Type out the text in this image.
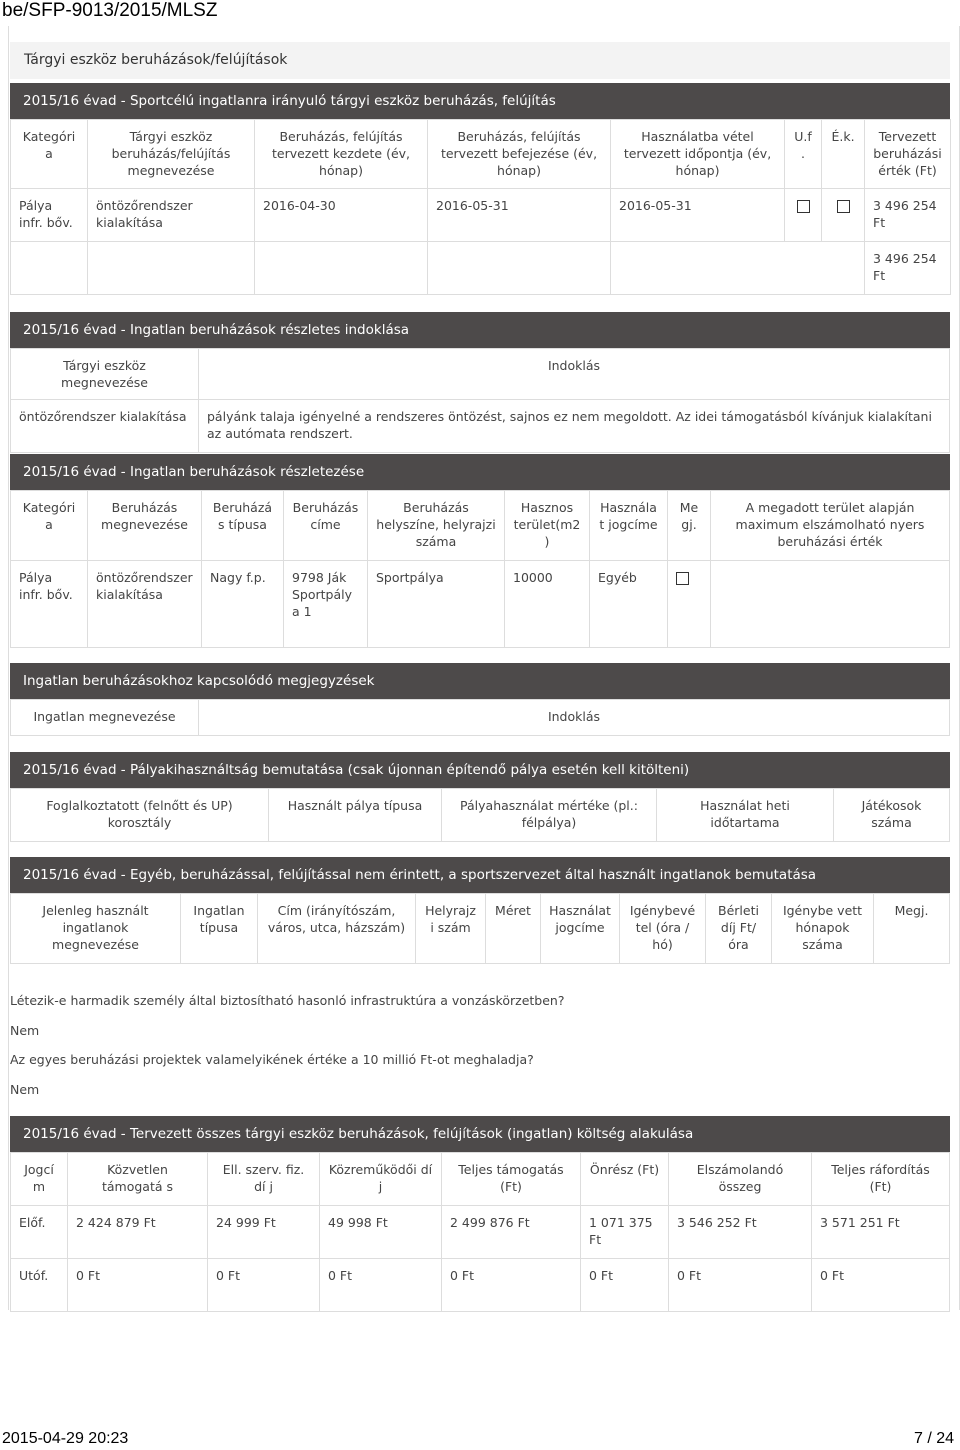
be/SFP-9013/2015/MLSZ
Tárgyi eszköz beruházások/felújítások
2015/16 évad - Sportcélú ingatlanra irányuló tárgyi eszköz beruházás, felújítás
Kategória	Tárgyi eszköz beruházás/felújítás megnevezése	Beruházás, felújítás tervezett kezdete (év, hónap)	Beruházás, felújítás tervezett befejezése (év, hónap)	Használatba vétel tervezett időpontja (év, hónap)	U.f.	É.k.	Tervezett beruházási érték (Ft)
Pálya infr. bőv.	öntözőrendszer kialakítása	2016-04-30	2016-05-31	2016-05-31			3 496 254 Ft
							3 496 254 Ft
2015/16 évad - Ingatlan beruházások részletes indoklása
Tárgyi eszköz megnevezése	Indoklás
öntözőrendszer kialakítása	pályánk talaja igényelné a rendszeres öntözést, sajnos ez nem megoldott. Az idei támogatásból kívánjuk kialakítani az autómata rendszert.
2015/16 évad - Ingatlan beruházások részletezése
Kategória	Beruházás megnevezése	Beruházás típusa	Beruházás címe	Beruházás helyszíne, helyrajzi száma	Hasznos terület(m2)	Használat jogcíme	Megj.	A megadott terület alapján maximum elszámolható nyers beruházási érték
Pálya infr. bőv.	öntözőrendszer kialakítása	Nagy f.p.	9798 Ják Sportpálya 1	Sportpálya	10000	Egyéb		
Ingatlan beruházásokhoz kapcsolódó megjegyzések
Ingatlan megnevezése	Indoklás
2015/16 évad - Pályakihasználtság bemutatása (csak újonnan építendő pálya esetén kell kitölteni)
Foglalkoztatott (felnőtt és UP) korosztály	Használt pálya típusa	Pályahasználat mértéke (pl.: félpálya)	Használat heti időtartama	Játékosok száma
2015/16 évad - Egyéb, beruházással, felújítással nem érintett, a sportszervezet által használt ingatlanok bemutatása
Jelenleg használt ingatlanok megnevezése	Ingatlan típusa	Cím (irányítószám, város, utca, házszám)	Helyrajzi szám	Méret	Használat jogcíme	Igénybevétel (óra / hó)	Bérleti díj Ft/óra	Igénybe vett hónapok száma	Megj.
Létezik-e harmadik személy által biztosítható hasonló infrastruktúra a vonzáskörzetben?
Nem
Az egyes beruházási projektek valamelyikének értéke a 10 millió Ft-ot meghaladja?
Nem
2015/16 évad - Tervezett összes tárgyi eszköz beruházások, felújítások (ingatlan) költség alakulása
Jogcí m	Közvetlen támogatá s	Ell. szerv. fiz. dí j	Közreműködői dí j	Teljes támogatás (Ft)	Önrész (Ft)	Elszámolandó összeg	Teljes ráfordítás (Ft)
Előf.	2 424 879 Ft	24 999 Ft	49 998 Ft	2 499 876 Ft	1 071 375 Ft	3 546 252 Ft	3 571 251 Ft
Utóf.	0 Ft	0 Ft	0 Ft	0 Ft	0 Ft	0 Ft	0 Ft
2015-04-29 20:23	7 / 24
